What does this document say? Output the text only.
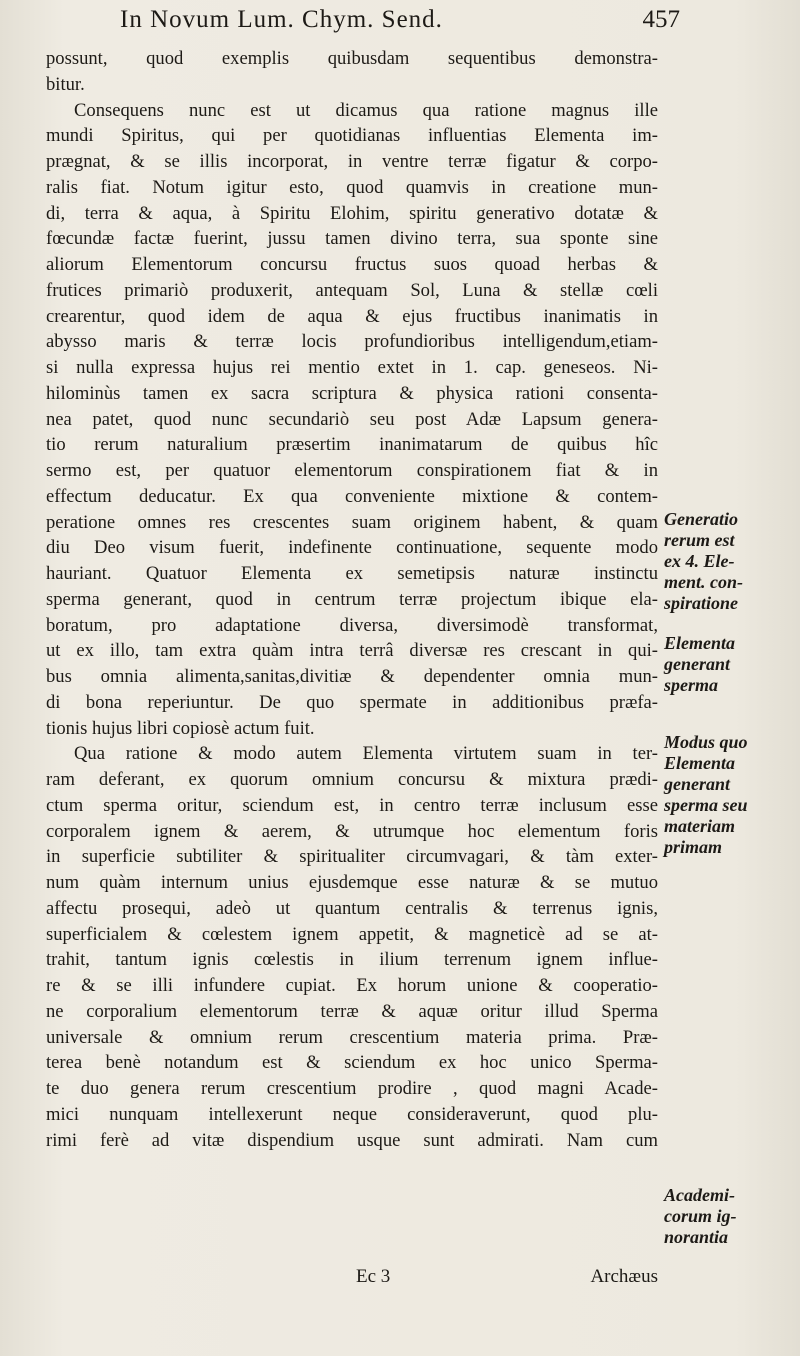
In Novum Lum. Chym. Send.	457
possunt, quod exemplis quibusdam sequentibus demonstra-
bitur.
Consequens nunc est ut dicamus qua ratione magnus ille
mundi Spiritus, qui per quotidianas influentias Elementa im-
prægnat, & se illis incorporat, in ventre terræ figatur & corpo-
ralis fiat. Notum igitur esto, quod quamvis in creatione mun-
di, terra & aqua, à Spiritu Elohim, spiritu generativo dotatæ &
fœcundæ factæ fuerint, jussu tamen divino terra, sua sponte sine
aliorum Elementorum concursu fructus suos quoad herbas &
frutices primariò produxerit, antequam Sol, Luna & stellæ cœli
crearentur, quod idem de aqua & ejus fructibus inanimatis in
abysso maris & terræ locis profundioribus intelligendum,etiam-
si nulla expressa hujus rei mentio extet in 1. cap. geneseos. Ni-
hilominùs tamen ex sacra scriptura & physica rationi consenta-
nea patet, quod nunc secundariò seu post Adæ Lapsum genera-
tio rerum naturalium præsertim inanimatarum de quibus hîc
sermo est, per quatuor elementorum conspirationem fiat & in
effectum deducatur. Ex qua conveniente mixtione & contem-
peratione omnes res crescentes suam originem habent, & quam
diu Deo visum fuerit, indefinente continuatione, sequente modo
hauriant. Quatuor Elementa ex semetipsis naturæ instinctu
sperma generant, quod in centrum terræ projectum ibique ela-
boratum, pro adaptatione diversa, diversimodè transformat,
ut ex illo, tam extra quàm intra terrâ diversæ res crescant in qui-
bus omnia alimenta,sanitas,divitiæ & dependenter omnia mun-
di bona reperiuntur. De quo spermate in additionibus præfa-
tionis hujus libri copiosè actum fuit.
Qua ratione & modo autem Elementa virtutem suam in ter-
ram deferant, ex quorum omnium concursu & mixtura prædi-
ctum sperma oritur, sciendum est, in centro terræ inclusum esse
corporalem ignem & aerem, & utrumque hoc elementum foris
in superficie subtiliter & spiritualiter circumvagari, & tàm exter-
num quàm internum unius ejusdemque esse naturæ & se mutuo
affectu prosequi, adeò ut quantum centralis & terrenus ignis,
superficialem & cœlestem ignem appetit, & magneticè ad se at-
trahit, tantum ignis cœlestis in ilium terrenum ignem influe-
re & se illi infundere cupiat. Ex horum unione & cooperatio-
ne corporalium elementorum terræ & aquæ oritur illud Sperma
universale & omnium rerum crescentium materia prima. Præ-
terea benè notandum est & sciendum ex hoc unico Sperma-
te duo genera rerum crescentium prodire , quod magni Acade-
mici nunquam intellexerunt neque consideraverunt, quod plu-
rimi ferè ad vitæ dispendium usque sunt admirati. Nam cum
Generatio
rerum est
ex 4. Ele-
ment. con-
spiratione
Elementa
generant
sperma
Modus quo
Elementa
generant
sperma seu
materiam
primam
Academi-
corum ig-
norantia
Ec 3	Archæus
